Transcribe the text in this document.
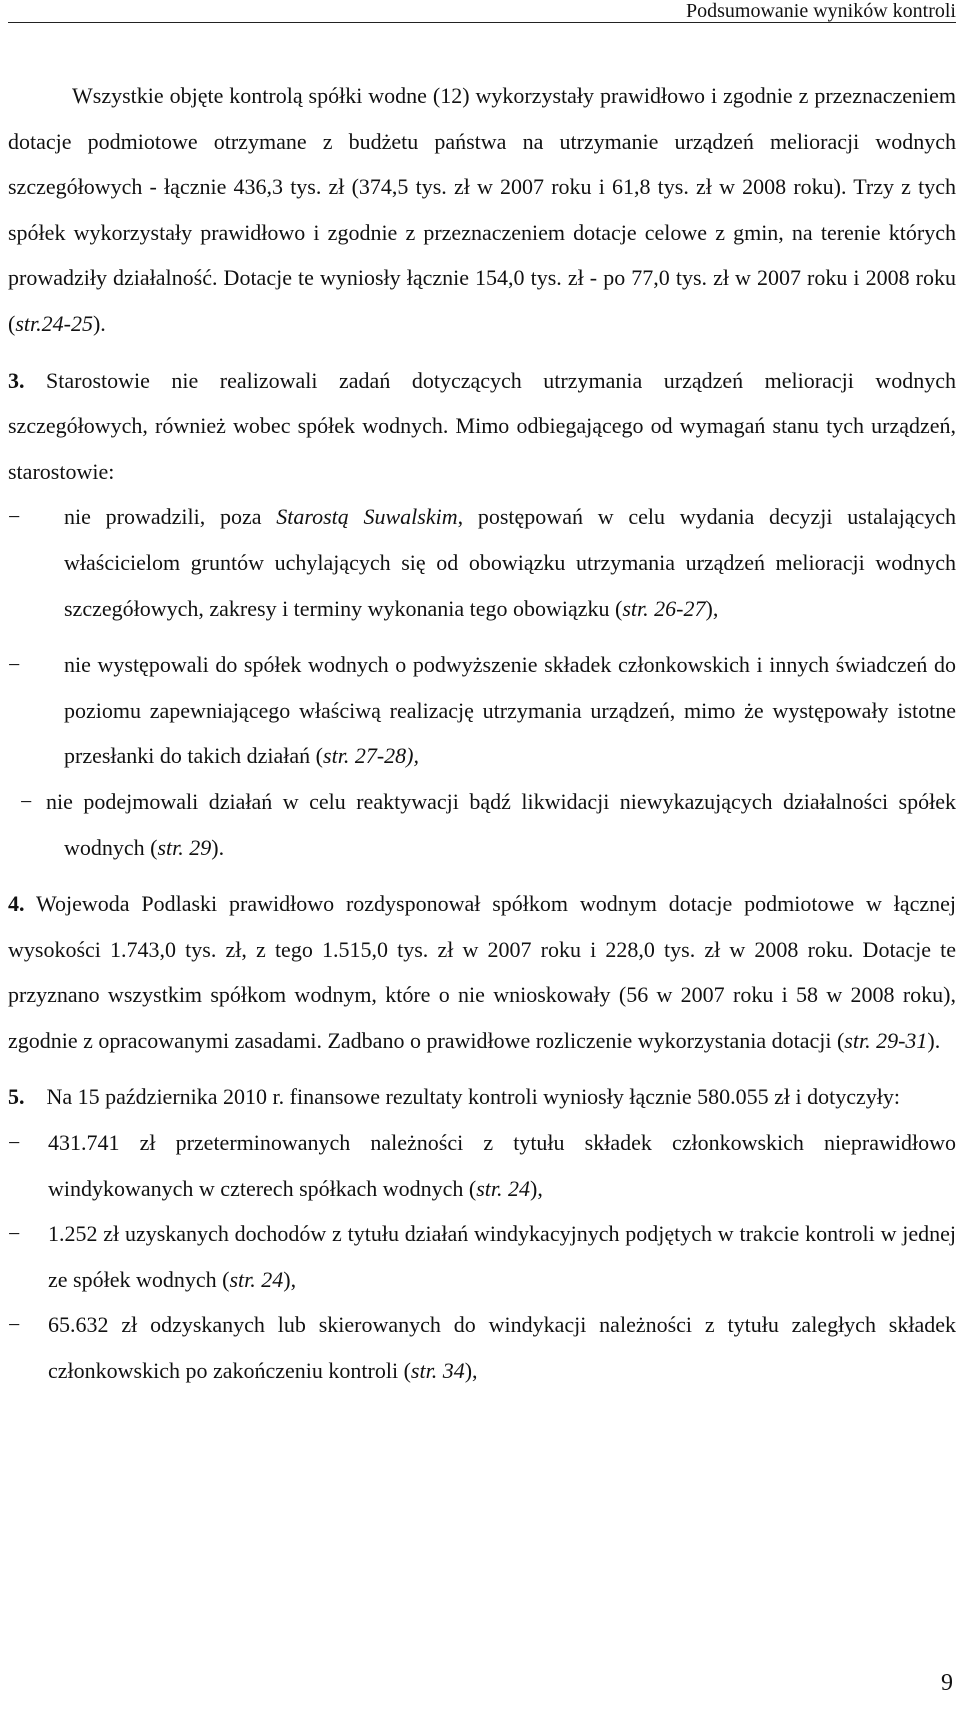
Podsumowanie wyników kontroli

Wszystkie objęte kontrolą spółki wodne (12) wykorzystały prawidłowo i zgodnie z przeznaczeniem dotacje podmiotowe otrzymane z budżetu państwa na utrzymanie urządzeń melioracji wodnych szczegółowych - łącznie 436,3 tys. zł (374,5 tys. zł w 2007 roku i 61,8 tys. zł w 2008 roku). Trzy z tych spółek wykorzystały prawidłowo i zgodnie z przeznaczeniem dotacje celowe z gmin, na terenie których prowadziły działalność. Dotacje te wyniosły łącznie 154,0 tys. zł - po 77,0 tys. zł w 2007 roku i 2008 roku (str.24-25).

3. Starostowie nie realizowali zadań dotyczących utrzymania urządzeń melioracji wodnych szczegółowych, również wobec spółek wodnych. Mimo odbiegającego od wymagań stanu tych urządzeń, starostowie:

− nie prowadzili, poza Starostą Suwalskim, postępowań w celu wydania decyzji ustalających właścicielom gruntów uchylających się od obowiązku utrzymania urządzeń melioracji wodnych szczegółowych, zakresy i terminy wykonania tego obowiązku (str. 26-27),

− nie występowali do spółek wodnych o podwyższenie składek członkowskich i innych świadczeń do poziomu zapewniającego właściwą realizację utrzymania urządzeń, mimo że występowały istotne przesłanki do takich działań (str. 27-28),

− nie podejmowali działań w celu reaktywacji bądź likwidacji niewykazujących działalności spółek wodnych (str. 29).

4. Wojewoda Podlaski prawidłowo rozdysponował spółkom wodnym dotacje podmiotowe w łącznej wysokości 1.743,0 tys. zł, z tego 1.515,0 tys. zł w 2007 roku i 228,0 tys. zł w 2008 roku. Dotacje te przyznano wszystkim spółkom wodnym, które o nie wnioskowały (56 w 2007 roku i 58 w 2008 roku), zgodnie z opracowanymi zasadami. Zadbano o prawidłowe rozliczenie wykorzystania dotacji (str. 29-31).

5.    Na 15 października 2010 r. finansowe rezultaty kontroli wyniosły łącznie 580.055 zł i dotyczyły:

− 431.741 zł przeterminowanych należności z tytułu składek członkowskich nieprawidłowo windykowanych w czterech spółkach wodnych (str. 24),

− 1.252 zł uzyskanych dochodów z tytułu działań windykacyjnych podjętych w trakcie kontroli w jednej ze spółek wodnych (str. 24),

− 65.632 zł odzyskanych lub skierowanych do windykacji należności z tytułu zaległych składek członkowskich po zakończeniu kontroli (str. 34),

9
